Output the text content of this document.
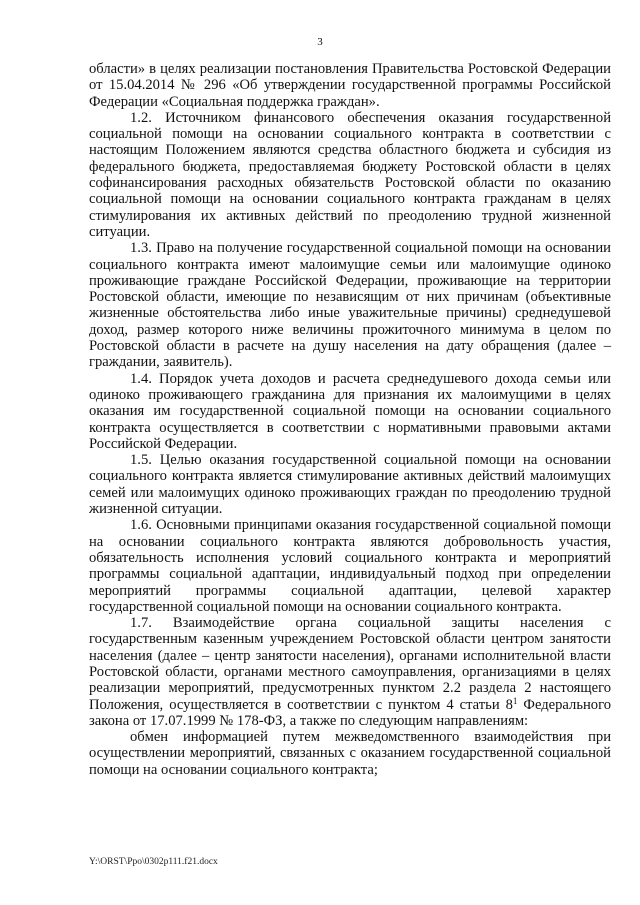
3

области» в целях реализации постановления Правительства Ростовской Федерации от 15.04.2014 № 296 «Об утверждении государственной программы Российской Федерации «Социальная поддержка граждан».

1.2. Источником финансового обеспечения оказания государственной социальной помощи на основании социального контракта в соответствии с настоящим Положением являются средства областного бюджета и субсидия из федерального бюджета, предоставляемая бюджету Ростовской области в целях софинансирования расходных обязательств Ростовской области по оказанию социальной помощи на основании социального контракта гражданам в целях стимулирования их активных действий по преодолению трудной жизненной ситуации.

1.3. Право на получение государственной социальной помощи на основании социального контракта имеют малоимущие семьи или малоимущие одиноко проживающие граждане Российской Федерации, проживающие на территории Ростовской области, имеющие по независящим от них причинам (объективные жизненные обстоятельства либо иные уважительные причины) среднедушевой доход, размер которого ниже величины прожиточного минимума в целом по Ростовской области в расчете на душу населения на дату обращения (далее – граждании, заявитель).

1.4. Порядок учета доходов и расчета среднедушевого дохода семьи или одиноко проживающего гражданина для признания их малоимущими в целях оказания им государственной социальной помощи на основании социального контракта осуществляется в соответствии с нормативными правовыми актами Российской Федерации.

1.5. Целью оказания государственной социальной помощи на основании социального контракта является стимулирование активных действий малоимущих семей или малоимущих одиноко проживающих граждан по преодолению трудной жизненной ситуации.

1.6. Основными принципами оказания государственной социальной помощи на основании социального контракта являются добровольность участия, обязательность исполнения условий социального контракта и мероприятий программы социальной адаптации, индивидуальный подход при определении мероприятий программы социальной адаптации, целевой характер государственной социальной помощи на основании социального контракта.

1.7. Взаимодействие органа социальной защиты населения с государственным казенным учреждением Ростовской области центром занятости населения (далее – центр занятости населения), органами исполнительной власти Ростовской области, органами местного самоуправления, организациями в целях реализации мероприятий, предусмотренных пунктом 2.2 раздела 2 настоящего Положения, осуществляется в соответствии с пунктом 4 статьи $8^1$ Федерального закона от 17.07.1999 № 178-ФЗ, а также по следующим направлениям:

обмен информацией путем межведомственного взаимодействия при осуществлении мероприятий, связанных с оказанием государственной социальной помощи на основании социального контракта;

Y:\ORST\Ppo\0302p111.f21.docx
